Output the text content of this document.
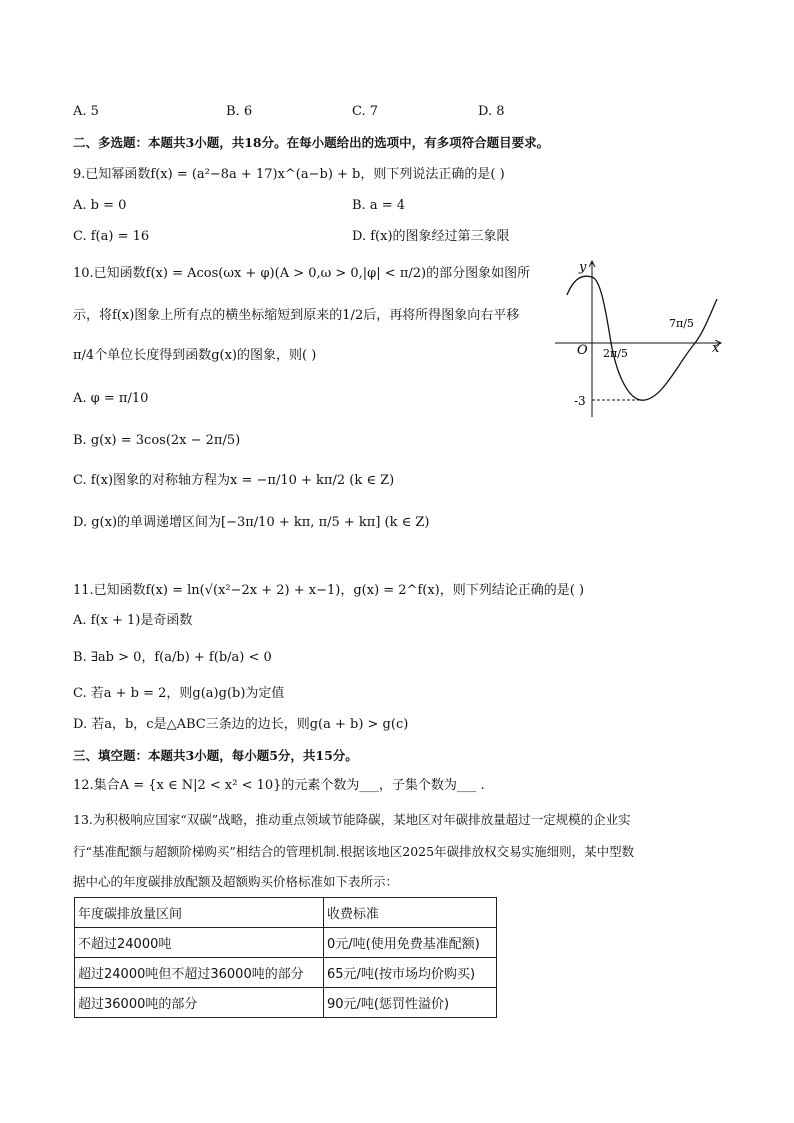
A. 5	B. 6	C. 7	D. 8
二、多选题：本题共3小题，共18分。在每小题给出的选项中，有多项符合题目要求。
9.已知幂函数f(x) = (a²−8a + 17)x^(a−b) + b，则下列说法正确的是( )
A. b = 0	B. a = 4
C. f(a) = 16	D. f(x)的图象经过第三象限
10.已知函数f(x) = Acos(ωx + φ)(A > 0,ω > 0,|φ| < π/2)的部分图象如图所
示，将f(x)图象上所有点的横坐标缩短到原来的1/2后，再将所得图象向右平移
π/4个单位长度得到函数g(x)的图象，则( )
A. φ = π/10
B. g(x) = 3cos(2x − 2π/5)
C. f(x)图象的对称轴方程为x = −π/10 + kπ/2 (k ∈ Z)
D. g(x)的单调递增区间为[−3π/10 + kπ, π/5 + kπ] (k ∈ Z)
y
x
O 2π/5
7π/5
-3
11.已知函数f(x) = ln(√(x²−2x + 2) + x−1)，g(x) = 2^f(x)，则下列结论正确的是( )
A. f(x + 1)是奇函数
B. ∃ab > 0，f(a/b) + f(b/a) < 0
C. 若a + b = 2，则g(a)g(b)为定值
D. 若a，b，c是△ABC三条边的边长，则g(a + b) > g(c)
三、填空题：本题共3小题，每小题5分，共15分。
12.集合A = {x ∈ N|2 < x² < 10}的元素个数为___，子集个数为___ .
13.为积极响应国家“双碳”战略，推动重点领域节能降碳，某地区对年碳排放量超过一定规模的企业实
行“基准配额与超额阶梯购买”相结合的管理机制.根据该地区2025年碳排放权交易实施细则，某中型数
据中心的年度碳排放配额及超额购买价格标准如下表所示：
年度碳排放量区间	收费标准
不超过24000吨	0元/吨(使用免费基准配额)
超过24000吨但不超过36000吨的部分	65元/吨(按市场均价购买)
超过36000吨的部分	90元/吨(惩罚性溢价)
